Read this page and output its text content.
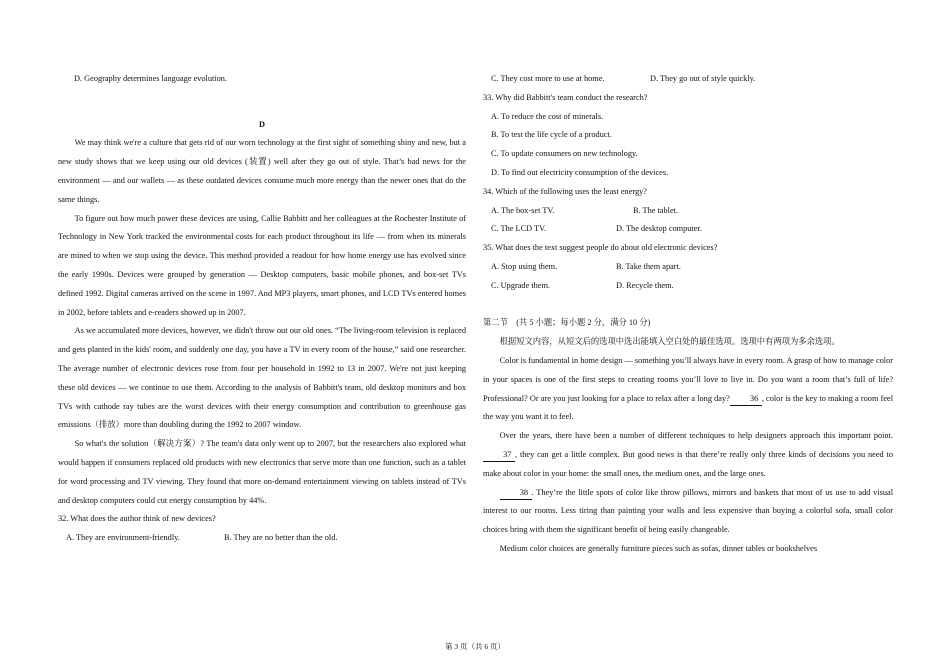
D. Geography determines language evolution.

D

We may think we're a culture that gets rid of our worn technology at the first sight of something shiny and new, but a new study shows that we keep using our old devices (装置) well after they go out of style. That’s bad news for the environment — and our wallets — as these outdated devices consume much more energy than the newer ones that do the same things.

To figure out how much power these devices are using, Callie Babbitt and her colleagues at the Rochester Institute of Technology in New York tracked the environmental costs for each product throughout its life — from when its minerals are mined to when we stop using the device. This method provided a readout for how home energy use has evolved since the early 1990s. Devices were grouped by generation — Desktop computers, basic mobile phones, and box-set TVs defined 1992. Digital cameras arrived on the scene in 1997. And MP3 players, smart phones, and LCD TVs entered homes in 2002, before tablets and e-readers showed up in 2007.

As we accumulated more devices, however, we didn't throw out our old ones. “The living-room television is replaced and gets planted in the kids' room, and suddenly one day, you have a TV in every room of the house,” said one researcher. The average number of electronic devices rose from four per household in 1992 to 13 in 2007. We're not just keeping these old devices — we continue to use them. According to the analysis of Babbitt's team, old desktop monitors and box TVs with cathode ray tubes are the worst devices with their energy consumption and contribution to greenhouse gas emissions（排放）more than doubling during the 1992 to 2007 window.

So what's the solution（解决方案）? The team's data only went up to 2007, but the researchers also explored what would happen if consumers replaced old products with new electronics that serve more than one function, such as a tablet for word processing and TV viewing. They found that more on-demand entertainment viewing on tablets instead of TVs and desktop computers could cut energy consumption by 44%.

32. What does the author think of new devices?

A. They are environment-friendly.	B. They are no better than the old.

C. They cost more to use at home.	D. They go out of style quickly.

33. Why did Babbitt's team conduct the research?

A. To reduce the cost of minerals.

B. To test the life cycle of a product.

C. To update consumers on new technology.

D. To find out electricity consumption of the devices.

34. Which of the following uses the least energy?

A. The box-set TV.	B. The tablet.

C. The LCD TV.	D. The desktop computer.

35. What does the text suggest people do about old electronic devices?

A. Stop using them.	B. Take them apart.

C. Upgrade them.	D. Recycle them.

第二节　(共 5 小题；每小题 2 分，满分 10 分)

根据短文内容，从短文后的选项中选出能填入空白处的最佳选项。选项中有两项为多余选项。

Color is fundamental in home design — something you’ll always have in every room. A grasp of how to manage color in your spaces is one of the first steps to creating rooms you’ll love to live in. Do you want a room that’s full of life? Professional? Or are you just looking for a place to relax after a long day? 36 , color is the key to making a room feel the way you want it to feel.

Over the years, there have been a number of different techniques to help designers approach this important point. 37 , they can get a little complex. But good news is that there’re really only three kinds of decisions you need to make about color in your home: the small ones, the medium ones, and the large ones.

38 . They’re the little spots of color like throw pillows, mirrors and baskets that most of us use to add visual interest to our rooms. Less tiring than painting your walls and less expensive than buying a colorful sofa, small color choices bring with them the significant benefit of being easily changeable.

Medium color choices are generally furniture pieces such as sofas, dinner tables or bookshelves

第 3 页（共 6 页）
